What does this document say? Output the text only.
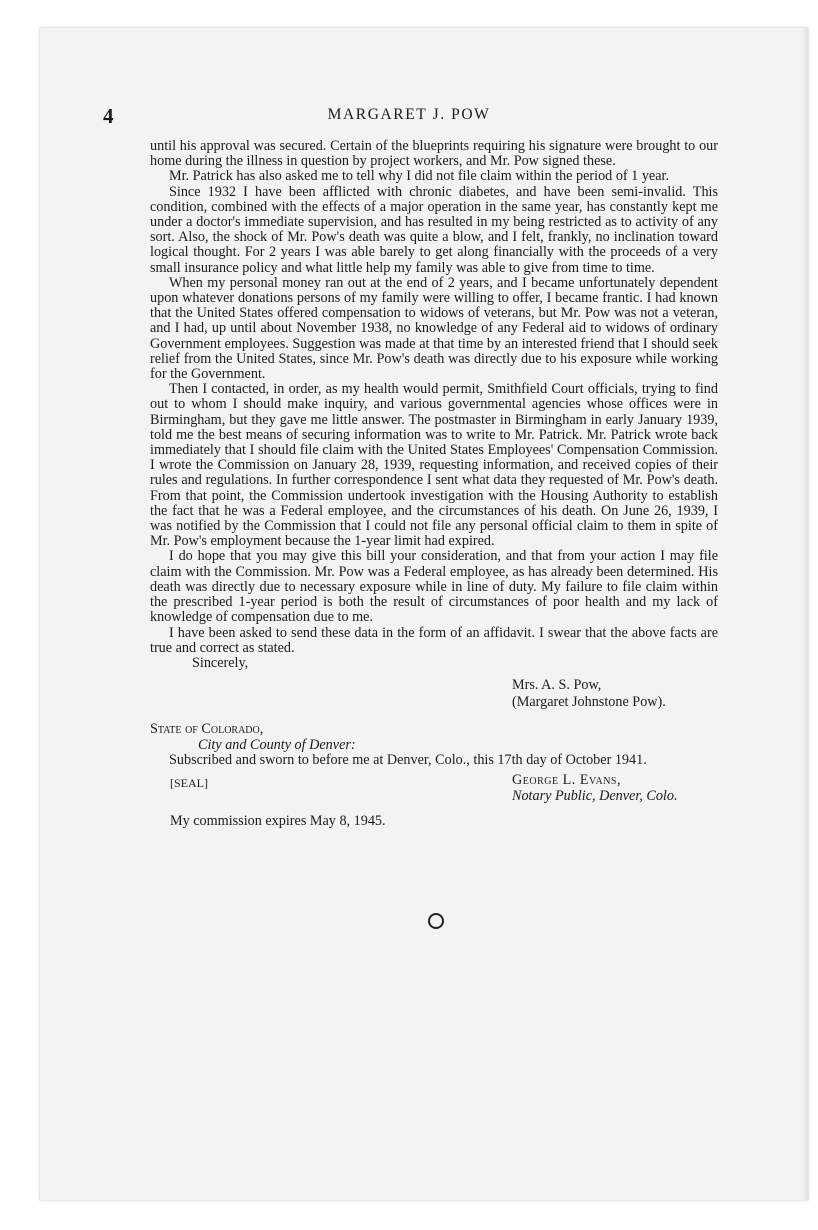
4	MARGARET J. POW

until his approval was secured. Certain of the blueprints requiring his signature were brought to our home during the illness in question by project workers, and Mr. Pow signed these.

Mr. Patrick has also asked me to tell why I did not file claim within the period of 1 year.

Since 1932 I have been afflicted with chronic diabetes, and have been semi-invalid. This condition, combined with the effects of a major operation in the same year, has constantly kept me under a doctor's immediate supervision, and has resulted in my being restricted as to activity of any sort. Also, the shock of Mr. Pow's death was quite a blow, and I felt, frankly, no inclination toward logical thought. For 2 years I was able barely to get along financially with the proceeds of a very small insurance policy and what little help my family was able to give from time to time.

When my personal money ran out at the end of 2 years, and I became unfortunately dependent upon whatever donations persons of my family were willing to offer, I became frantic. I had known that the United States offered compensation to widows of veterans, but Mr. Pow was not a veteran, and I had, up until about November 1938, no knowledge of any Federal aid to widows of ordinary Government employees. Suggestion was made at that time by an interested friend that I should seek relief from the United States, since Mr. Pow's death was directly due to his exposure while working for the Government.

Then I contacted, in order, as my health would permit, Smithfield Court officials, trying to find out to whom I should make inquiry, and various governmental agencies whose offices were in Birmingham, but they gave me little answer. The postmaster in Birmingham in early January 1939, told me the best means of securing information was to write to Mr. Patrick. Mr. Patrick wrote back immediately that I should file claim with the United States Employees' Compensation Commission. I wrote the Commission on January 28, 1939, requesting information, and received copies of their rules and regulations. In further correspondence I sent what data they requested of Mr. Pow's death. From that point, the Commission undertook investigation with the Housing Authority to establish the fact that he was a Federal employee, and the circumstances of his death. On June 26, 1939, I was notified by the Commission that I could not file any personal official claim to them in spite of Mr. Pow's employment because the 1-year limit had expired.

I do hope that you may give this bill your consideration, and that from your action I may file claim with the Commission. Mr. Pow was a Federal employee, as has already been determined. His death was directly due to necessary exposure while in line of duty. My failure to file claim within the prescribed 1-year period is both the result of circumstances of poor health and my lack of knowledge of compensation due to me.

I have been asked to send these data in the form of an affidavit. I swear that the above facts are true and correct as stated.

Sincerely,
Mrs. A. S. Pow,
(Margaret Johnstone Pow).
State of Colorado,
City and County of Denver:

Subscribed and sworn to before me at Denver, Colo., this 17th day of October 1941.

[SEAL]	George L. Evans,
Notary Public, Denver, Colo.
My commission expires May 8, 1945.
